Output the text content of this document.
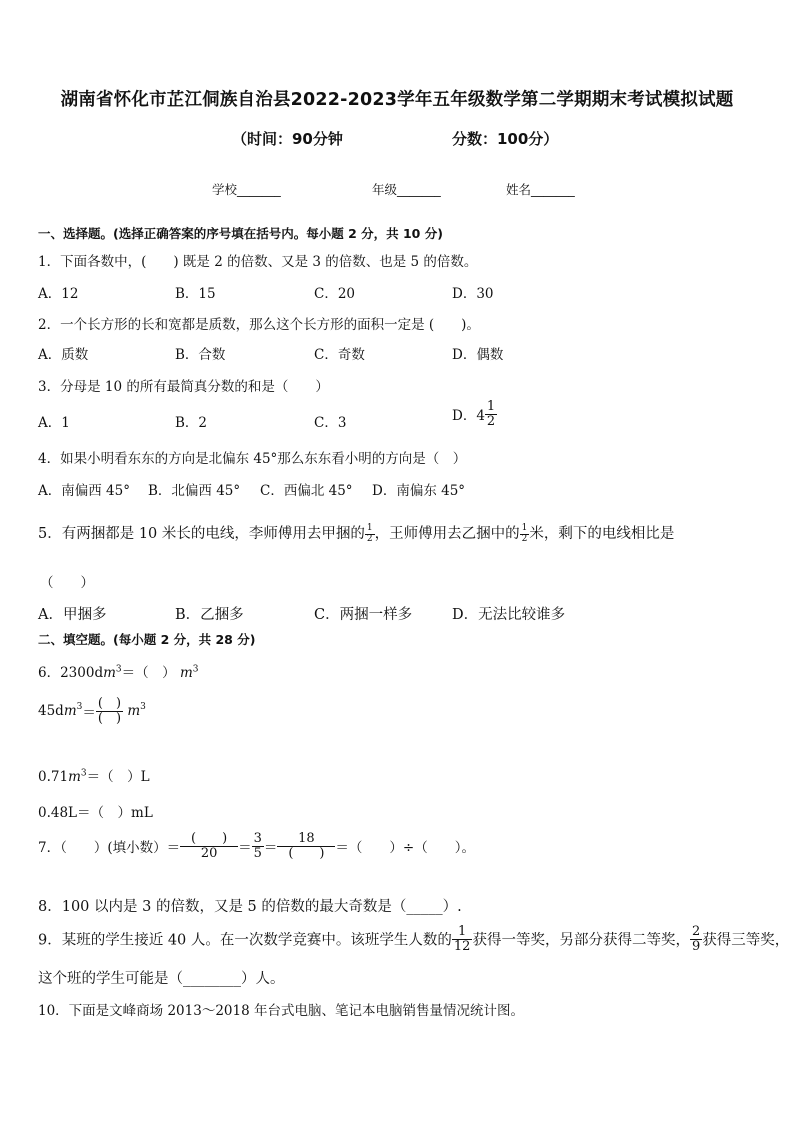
湖南省怀化市芷江侗族自治县2022-2023学年五年级数学第二学期期末考试模拟试题
（时间：90分钟	分数：100分）
学校_______	年级_______	姓名_______
一、选择题。(选择正确答案的序号填在括号内。每小题 2 分，共 10 分)
1．下面各数中，(　　) 既是 2 的倍数、又是 3 的倍数、也是 5 的倍数。
A．12	B．15	C．20	D．30
2．一个长方形的长和宽都是质数，那么这个长方形的面积一定是 (　　)。
A．质数	B．合数	C．奇数	D．偶数
3．分母是 10 的所有最简真分数的和是（　　）
A．1	B．2	C．3	D．$4 \frac{1}{2}$
4．如果小明看东东的方向是北偏东 45°那么东东看小明的方向是（　）
A．南偏西 45° B．北偏西 45° C．西偏北 45° D．南偏东 45°
5．有两捆都是 10 米长的电线，李师傅用去甲捆的 $\frac{1}{2}$ ，王师傅用去乙捆中的 $\frac{1}{2}$ 米，剩下的电线相比是
（　　）
A．甲捆多	B．乙捆多	C．两捆一样多	D．无法比较谁多
二、填空题。(每小题 2 分，共 28 分)
6．$2300dm^3=$（　） $m^3$
$45dm^3= \frac{( )}{( )} m^3$
$0.71m^3=$（　）L
0.48L＝（　）mL
7．（　　）(填小数）＝ $\frac{( )}{20} = \frac{3}{5} = \frac{18}{( )}$ ＝（　　）÷（　　）。
8．100 以内是 3 的倍数，又是 5 的倍数的最大奇数是（_____）.
9．某班的学生接近 40 人。在一次数学竞赛中。该班学生人数的 $\frac{1}{12}$ 获得一等奖，另部分获得二等奖， $\frac{2}{9}$ 获得三等奖，
这个班的学生可能是（________）人。
10．下面是文峰商场 2013～2018 年台式电脑、笔记本电脑销售量情况统计图。
